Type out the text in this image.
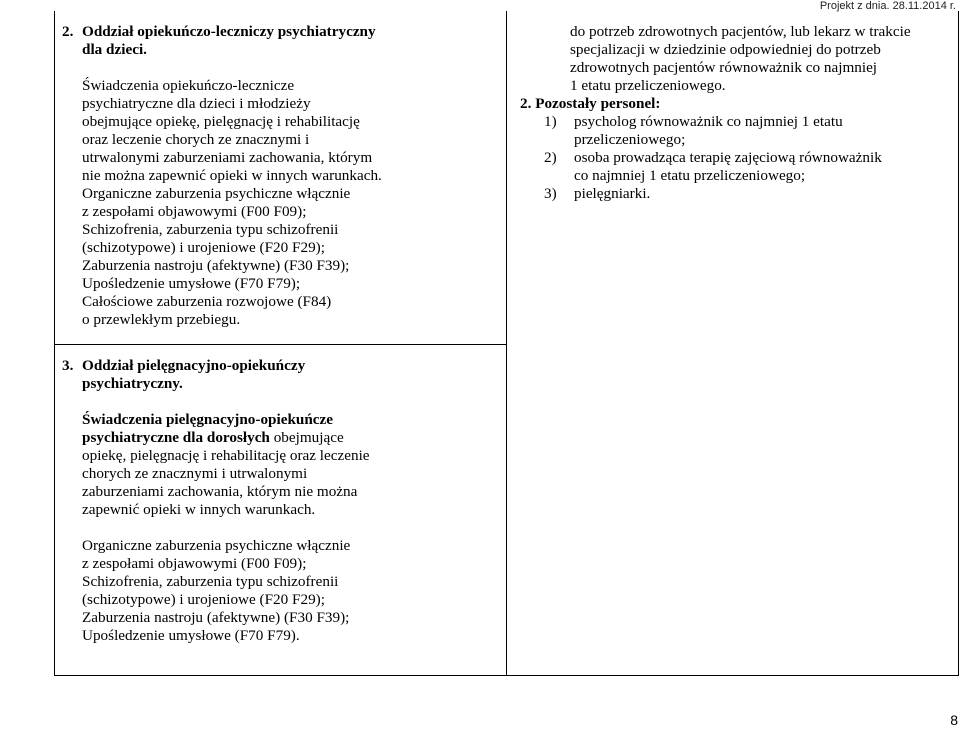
Projekt z dnia. 28.11.2014 r.
2. Oddział opiekuńczo-leczniczy psychiatryczny

dla dzieci.

Świadczenia opiekuńczo-lecznicze

psychiatryczne dla dzieci i młodzieży

obejmujące opiekę, pielęgnację i rehabilitację

oraz leczenie chorych ze znacznymi i

utrwalonymi zaburzeniami zachowania, którym

nie można zapewnić opieki w innych warunkach.

Organiczne zaburzenia psychiczne włącznie

z zespołami objawowymi (F00 F09);

Schizofrenia, zaburzenia typu schizofrenii

(schizotypowe) i urojeniowe (F20 F29);

Zaburzenia nastroju (afektywne) (F30 F39);

Upośledzenie umysłowe (F70 F79);

Całościowe zaburzenia rozwojowe (F84)

o przewlekłym przebiegu.

3. Oddział pielęgnacyjno-opiekuńczy

psychiatryczny.

Świadczenia pielęgnacyjno-opiekuńcze

psychiatryczne dla dorosłych obejmujące

opiekę, pielęgnację i rehabilitację oraz leczenie

chorych ze znacznymi i utrwalonymi

zaburzeniami zachowania, którym nie można

zapewnić opieki w innych warunkach.

Organiczne zaburzenia psychiczne włącznie

z zespołami objawowymi (F00 F09);

Schizofrenia, zaburzenia typu schizofrenii

(schizotypowe) i urojeniowe (F20 F29);

Zaburzenia nastroju (afektywne) (F30 F39);

Upośledzenie umysłowe (F70 F79).

do potrzeb zdrowotnych pacjentów, lub lekarz w trakcie

specjalizacji w dziedzinie odpowiedniej do potrzeb

zdrowotnych pacjentów równoważnik co najmniej

1 etatu przeliczeniowego.

2. Pozostały personel:

1) psycholog równoważnik co najmniej 1 etatu

przeliczeniowego;

2) osoba prowadząca terapię zajęciową równoważnik

co najmniej 1 etatu przeliczeniowego;

3) pielęgniarki.

8
